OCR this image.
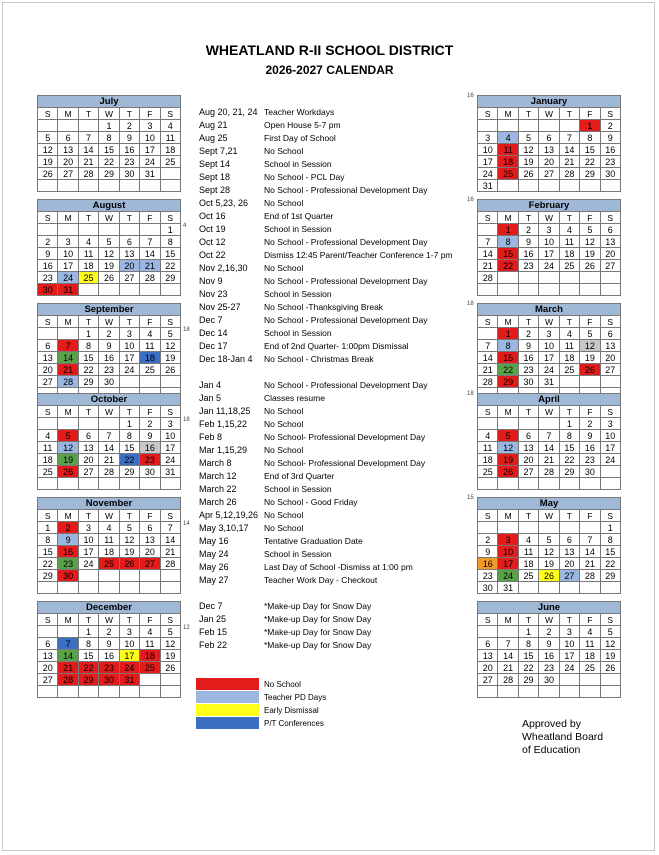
WHEATLAND R-II SCHOOL DISTRICT
2026-2027 CALENDAR
July						
S	M	T	W	T	F	S
			1	2	3	4
5	6	7	8	9	10	11
12	13	14	15	16	17	18
19	20	21	22	23	24	25
26	27	28	29	30	31	

August						
S	M	T	W	T	F	S
						1
2	3	4	5	6	7	8
9	10	11	12	13	14	15
16	17	18	19	20	21	22
23	24	25	26	27	28	29
30	31					
4
September						
S	M	T	W	T	F	S
		1	2	3	4	5
6	7	8	9	10	11	12
13	14	15	16	17	18	19
20	21	22	23	24	25	26
27	28	29	30			

18
October						
S	M	T	W	T	F	S
				1	2	3
4	5	6	7	8	9	10
11	12	13	14	15	16	17
18	19	20	21	22	23	24
25	26	27	28	29	30	31

18
November						
S	M	T	W	T	F	S
1	2	3	4	5	6	7
8	9	10	11	12	13	14
15	16	17	18	19	20	21
22	23	24	25	26	27	28
29	30					

14
December						
S	M	T	W	T	F	S
		1	2	3	4	5
6	7	8	9	10	11	12
13	14	15	16	17	18	19
20	21	22	23	24	25	26
27	28	29	30	31		

12
January						
S	M	T	W	T	F	S
					1	2
3	4	5	6	7	8	9
10	11	12	13	14	15	16
17	18	19	20	21	22	23
24	25	26	27	28	29	30
31						
16
February						
S	M	T	W	T	F	S
	1	2	3	4	5	6
7	8	9	10	11	12	13
14	15	16	17	18	19	20
21	22	23	24	25	26	27
28						

16
March						
S	M	T	W	T	F	S
	1	2	3	4	5	6
7	8	9	10	11	12	13
14	15	16	17	18	19	20
21	22	23	24	25	26	27
28	29	30	31			

18
April						
S	M	T	W	T	F	S
				1	2	3
4	5	6	7	8	9	10
11	12	13	14	15	16	17
18	19	20	21	22	23	24
25	26	27	28	29	30	

18
May						
S	M	T	W	T	F	S
						1
2	3	4	5	6	7	8
9	10	11	12	13	14	15
16	17	18	19	20	21	22
23	24	25	26	27	28	29
30	31					
15
June						
S	M	T	W	T	F	S
		1	2	3	4	5
6	7	8	9	10	11	12
13	14	15	16	17	18	19
20	21	22	23	24	25	26
27	28	29	30			

Aug 20, 21, 24 Teacher Workdays
Aug 21	Open House 5-7 pm
Aug 25	First Day of School
Sept 7,21	No School
Sept 14	School in Session
Sept 18	No School - PCL Day
Sept 28	No School - Professional Development Day
Oct 5,23, 26 No School
Oct 16	End of 1st Quarter
Oct 19	School in Session
Oct 12	No School - Professional Development Day
Oct 22	Dismiss 12:45 Parent/Teacher Conference 1-7 pm
Nov 2,16,30 No School
Nov 9	No School - Professional Development Day
Nov 23	School in Session
Nov 25-27	No School -Thanksgiving Break
Dec 7	No School - Professional Development Day
Dec 14	School in Session
Dec 17	End of 2nd Quarter- 1:00pm Dismissal
Dec 18-Jan 4 No School - Christmas Break
Jan 4	No School - Professional Development Day
Jan 5	Classes resume
Jan 11,18,25 No School
Feb 1,15,22 No School
Feb 8	No School- Professional Development Day
Mar 1,15,29 No School
March 8	No School- Professional Development Day
March 12	End of 3rd Quarter
March 22	School in Session
March 26	No School - Good Friday
Apr 5,12,19,26 No School
May 3,10,17 No School
May 16	Tentative Graduation Date
May 24	School in Session
May 26	Last Day of School -Dismiss at 1:00 pm
May 27	Teacher Work Day - Checkout
Dec 7	*Make-up Day for Snow Day
Jan 25	*Make-up Day for Snow Day
Feb 15	*Make-up Day for Snow Day
Feb 22	*Make-up Day for Snow Day
No School
Teacher PD Days
Early Dismissal
P/T Conferences	Approved by
Wheatland Board
of Education
